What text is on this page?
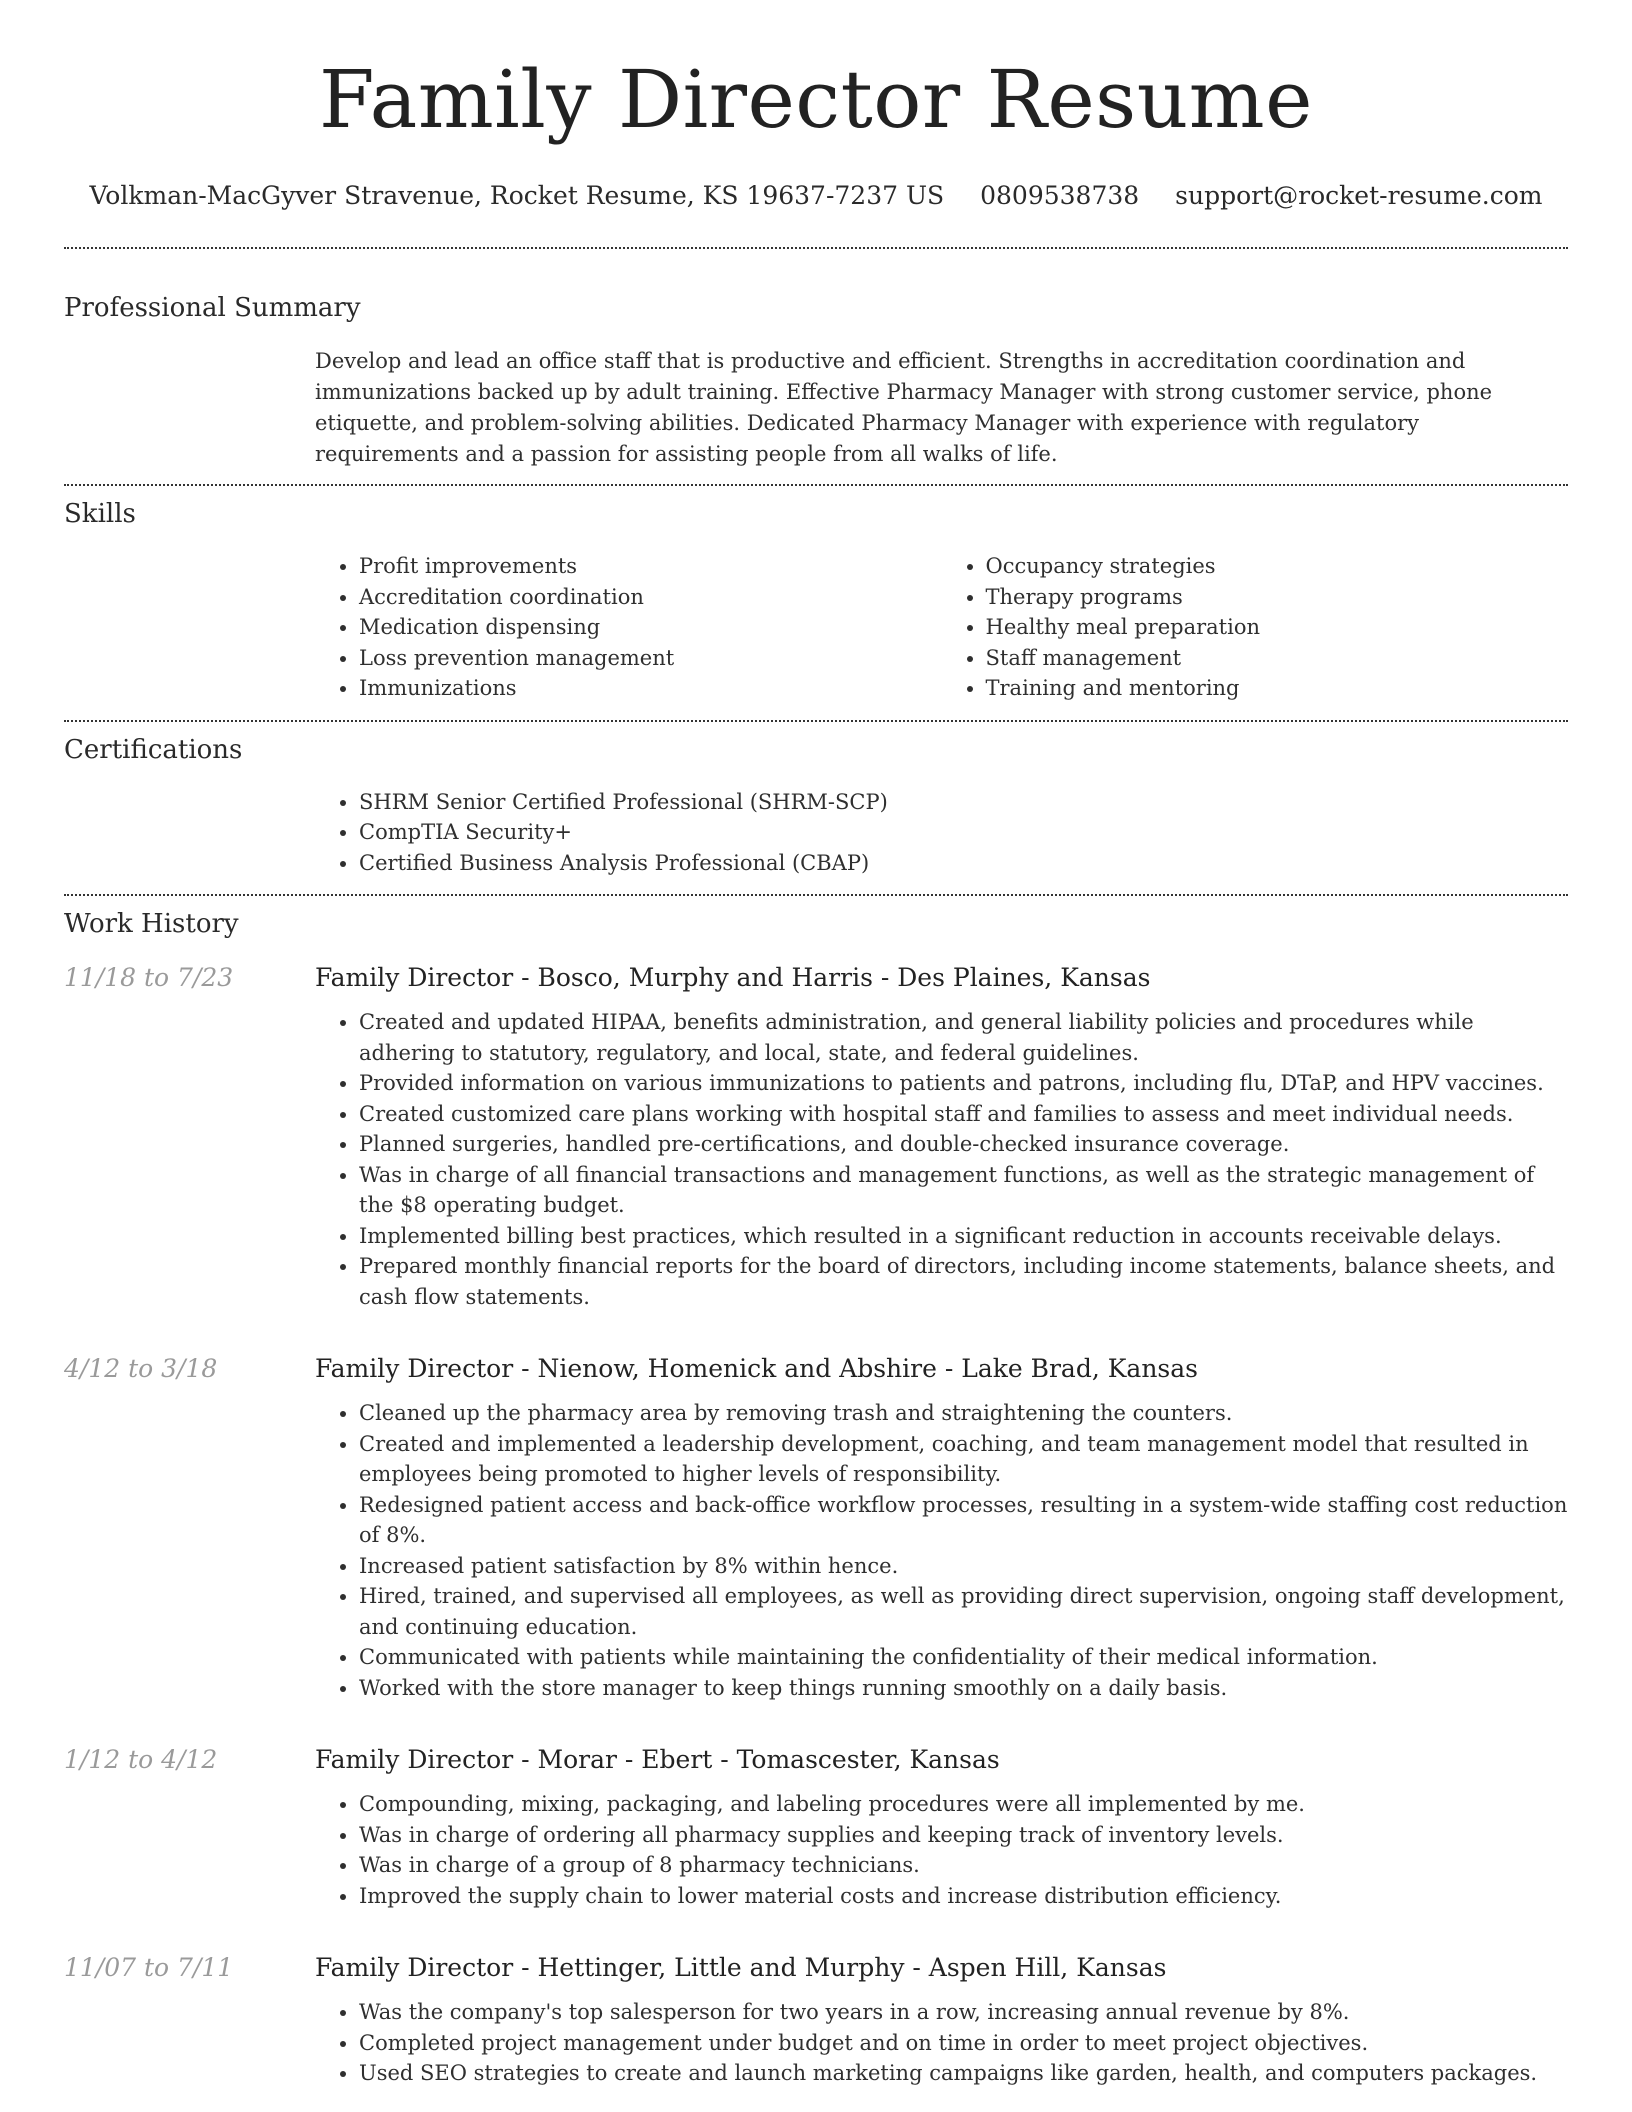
Family Director Resume
Volkman-MacGyver Stravenue, Rocket Resume, KS 19637-7237 US 0809538738 support@rocket-resume.com
Professional Summary
Develop and lead an office staff that is productive and efficient. Strengths in accreditation coordination and immunizations backed up by adult training. Effective Pharmacy Manager with strong customer service, phone etiquette, and problem-solving abilities. Dedicated Pharmacy Manager with experience with regulatory requirements and a passion for assisting people from all walks of life.
Skills
• Profit improvements
• Accreditation coordination
• Medication dispensing
• Loss prevention management
• Immunizations
• Occupancy strategies
• Therapy programs
• Healthy meal preparation
• Staff management
• Training and mentoring
Certifications
• SHRM Senior Certified Professional (SHRM-SCP)
• CompTIA Security+
• Certified Business Analysis Professional (CBAP)
Work History
11/18 to 7/23	Family Director - Bosco, Murphy and Harris - Des Plaines, Kansas
• Created and updated HIPAA, benefits administration, and general liability policies and procedures while adhering to statutory, regulatory, and local, state, and federal guidelines.
• Provided information on various immunizations to patients and patrons, including flu, DTaP, and HPV vaccines.
• Created customized care plans working with hospital staff and families to assess and meet individual needs.
• Planned surgeries, handled pre-certifications, and double-checked insurance coverage.
• Was in charge of all financial transactions and management functions, as well as the strategic management of the $8 operating budget.
• Implemented billing best practices, which resulted in a significant reduction in accounts receivable delays.
• Prepared monthly financial reports for the board of directors, including income statements, balance sheets, and cash flow statements.
4/12 to 3/18	Family Director - Nienow, Homenick and Abshire - Lake Brad, Kansas
• Cleaned up the pharmacy area by removing trash and straightening the counters.
• Created and implemented a leadership development, coaching, and team management model that resulted in employees being promoted to higher levels of responsibility.
• Redesigned patient access and back-office workflow processes, resulting in a system-wide staffing cost reduction of 8%.
• Increased patient satisfaction by 8% within hence.
• Hired, trained, and supervised all employees, as well as providing direct supervision, ongoing staff development, and continuing education.
• Communicated with patients while maintaining the confidentiality of their medical information.
• Worked with the store manager to keep things running smoothly on a daily basis.
1/12 to 4/12	Family Director - Morar - Ebert - Tomascester, Kansas
• Compounding, mixing, packaging, and labeling procedures were all implemented by me.
• Was in charge of ordering all pharmacy supplies and keeping track of inventory levels.
• Was in charge of a group of 8 pharmacy technicians.
• Improved the supply chain to lower material costs and increase distribution efficiency.
11/07 to 7/11	Family Director - Hettinger, Little and Murphy - Aspen Hill, Kansas
• Was the company's top salesperson for two years in a row, increasing annual revenue by 8%.
• Completed project management under budget and on time in order to meet project objectives.
• Used SEO strategies to create and launch marketing campaigns like garden, health, and computers packages.
